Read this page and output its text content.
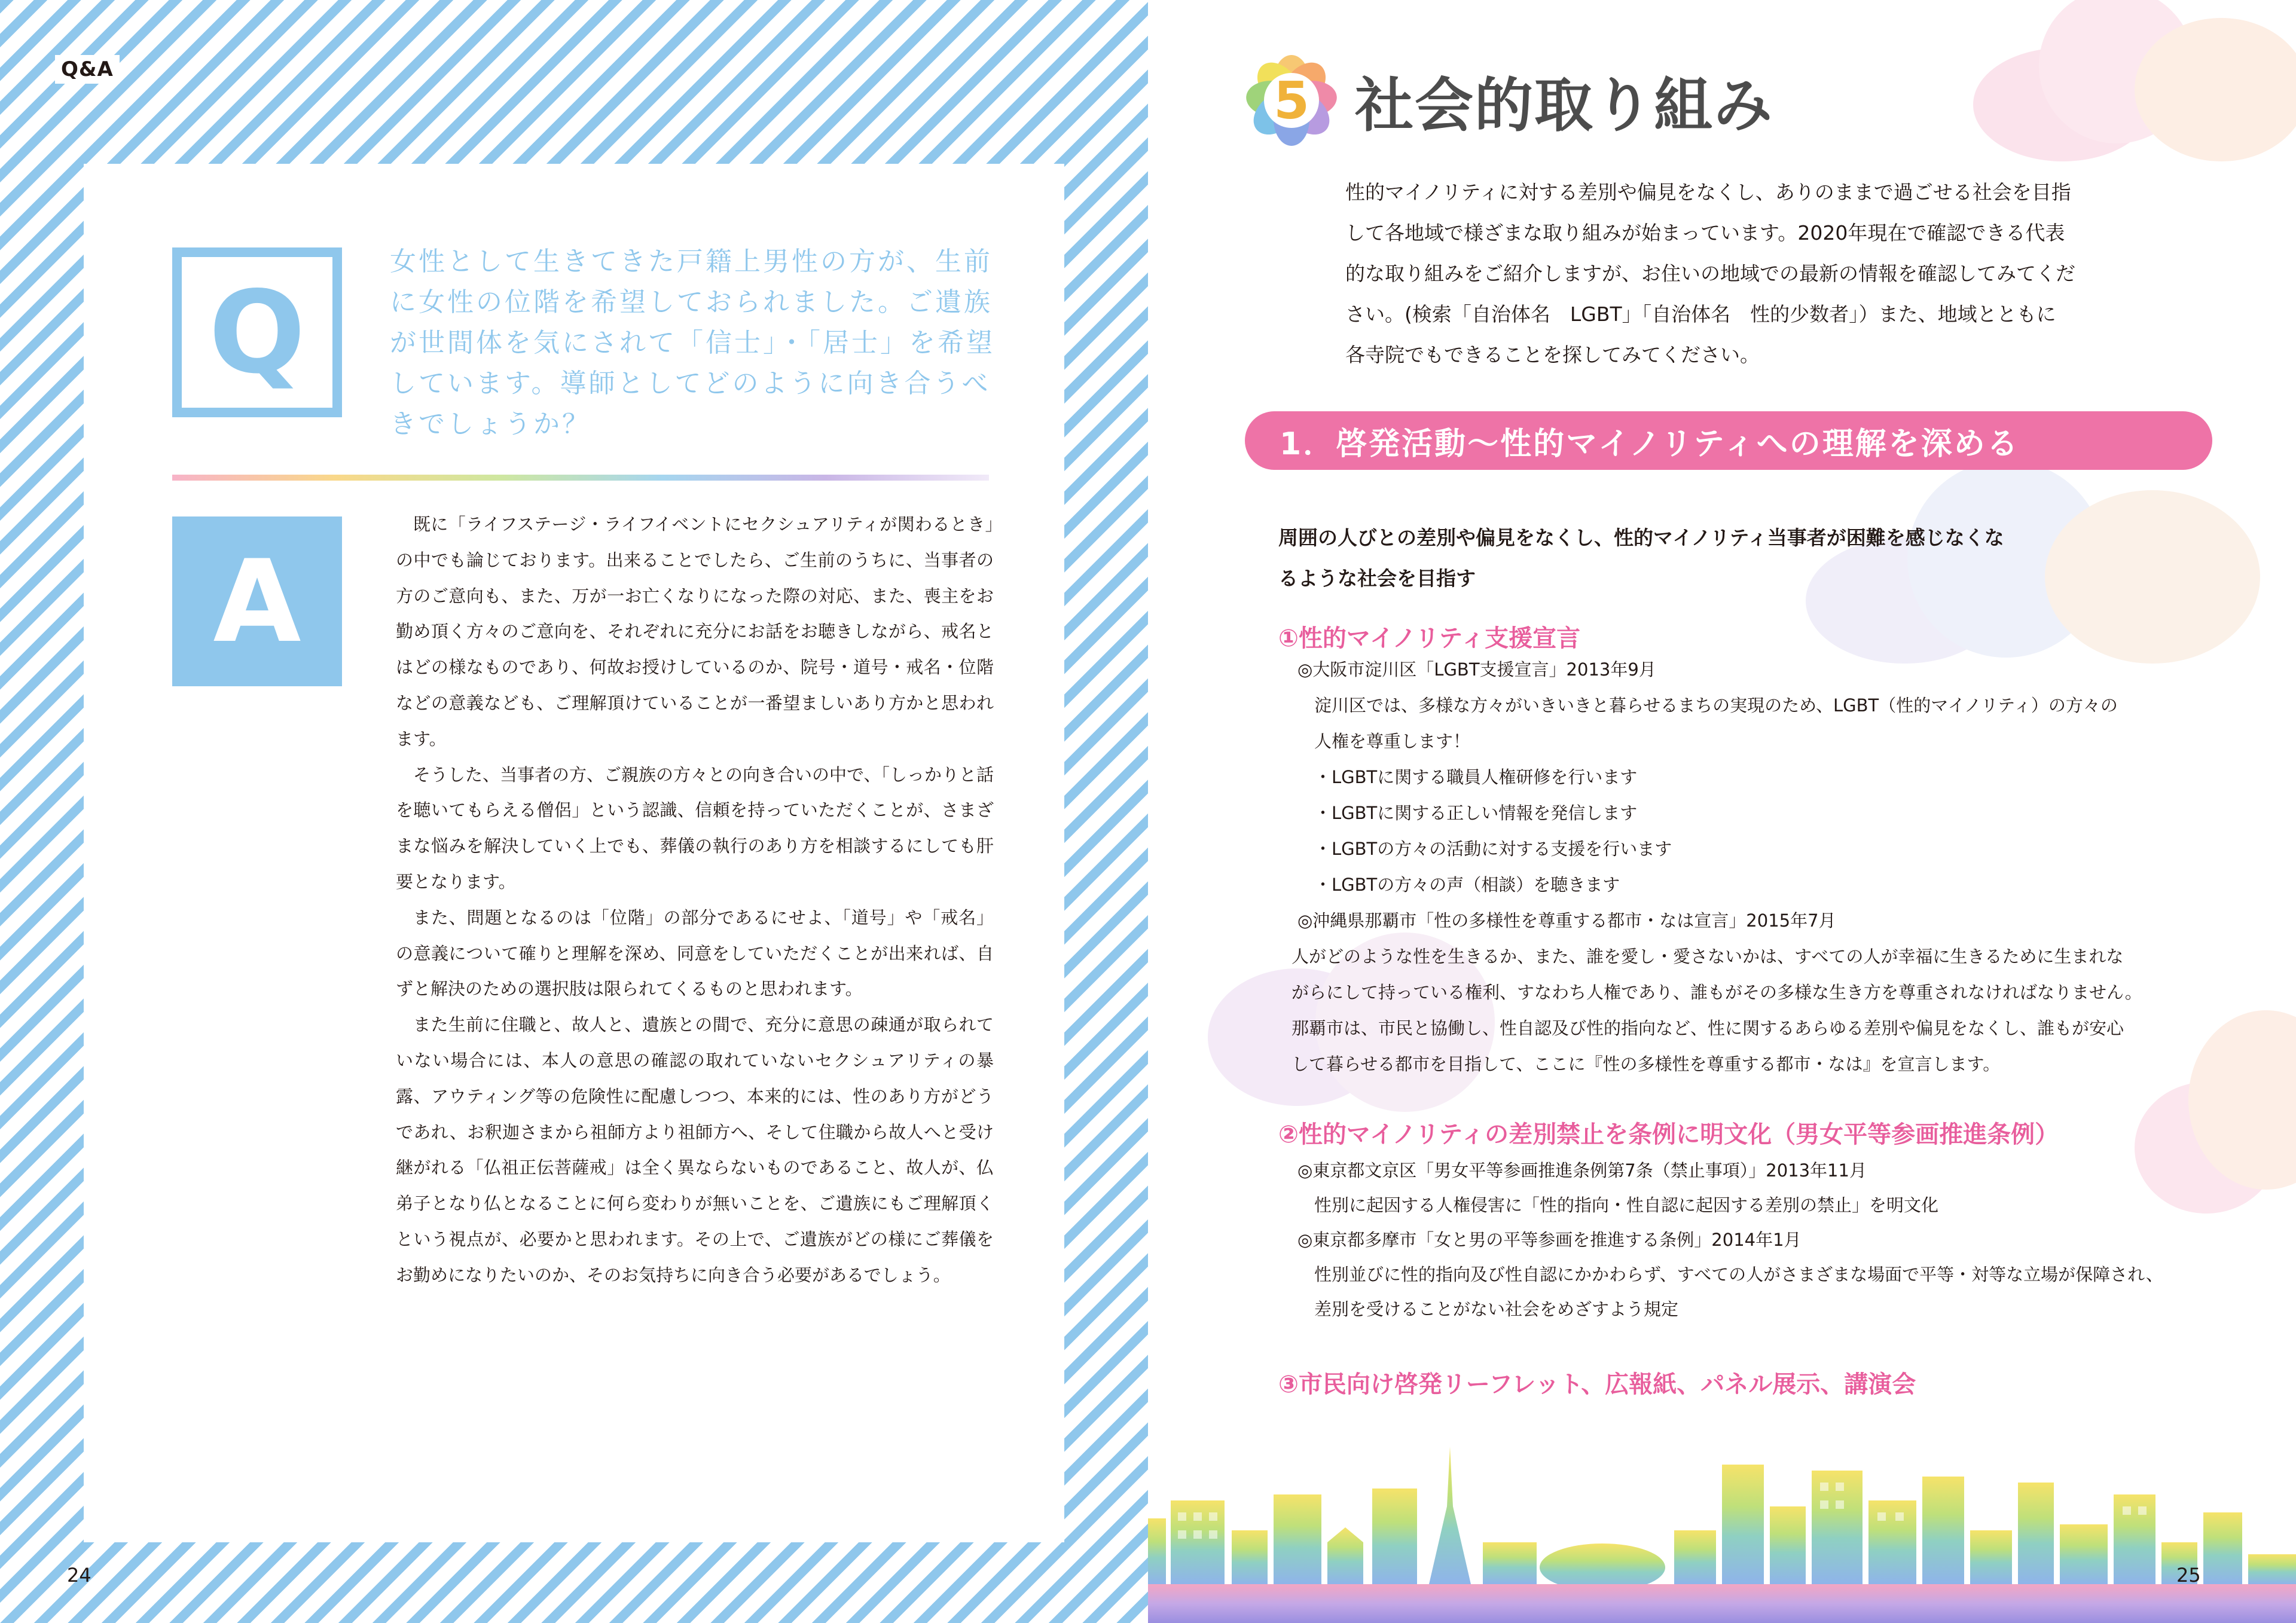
Q&A
Q
女性として生きてきた戸籍上男性の方が、生前
に女性の位階を希望しておられました。ご遺族
が世間体を気にされて「信士」・「居士」を希望
しています。導師としてどのように向き合うべ
きでしょうか？
A

既に「ライフステージ・ライフイベントにセクシュアリティが関わるとき」の中でも論じております。出来ることでしたら、ご生前のうちに、当事者の方のご意向も、また、万が一お亡くなりになった際の対応、また、喪主をお勤め頂く方々のご意向を、それぞれに充分にお話をお聴きしながら、戒名とはどの様なものであり、何故お授けしているのか、院号・道号・戒名・位階などの意義なども、ご理解頂けていることが一番望ましいあり方かと思われます。

そうした、当事者の方、ご親族の方々との向き合いの中で、「しっかりと話を聴いてもらえる僧侶」という認識、信頼を持っていただくことが、さまざまな悩みを解決していく上でも、葬儀の執行のあり方を相談するにしても肝要となります。

また、問題となるのは「位階」の部分であるにせよ、「道号」や「戒名」の意義について確りと理解を深め、同意をしていただくことが出来れば、自ずと解決のための選択肢は限られてくるものと思われます。

また生前に住職と、故人と、遺族との間で、充分に意思の疎通が取られていない場合には、本人の意思の確認の取れていないセクシュアリティの暴露、アウティング等の危険性に配慮しつつ、本来的には、性のあり方がどうであれ、お釈迦さまから祖師方より祖師方へ、そして住職から故人へと受け継がれる「仏祖正伝菩薩戒」は全く異ならないものであること、故人が、仏弟子となり仏となることに何ら変わりが無いことを、ご遺族にもご理解頂くという視点が、必要かと思われます。その上で、ご遺族がどの様にご葬儀をお勤めになりたいのか、そのお気持ちに向き合う必要があるでしょう。

24
5 社会的取り組み
性的マイノリティに対する差別や偏見をなくし、ありのままで過ごせる社会を目指
して各地域で様ざまな取り組みが始まっています。2020年現在で確認できる代表
的な取り組みをご紹介しますが、お住いの地域での最新の情報を確認してみてくだ
さい。(検索「自治体名　LGBT」「自治体名　性的少数者」）また、地域とともに
各寺院でもできることを探してみてください。
1．啓発活動～性的マイノリティへの理解を深める
周囲の人びとの差別や偏見をなくし、性的マイノリティ当事者が困難を感じなくな
るような社会を目指す
①性的マイノリティ支援宣言
◎大阪市淀川区「LGBT支援宣言」2013年9月
淀川区では、多様な方々がいきいきと暮らせるまちの実現のため、LGBT（性的マイノリティ）の方々の
人権を尊重します！
・LGBTに関する職員人権研修を行います
・LGBTに関する正しい情報を発信します
・LGBTの方々の活動に対する支援を行います
・LGBTの方々の声（相談）を聴きます
◎沖縄県那覇市「性の多様性を尊重する都市・なは宣言」2015年7月
人がどのような性を生きるか、また、誰を愛し・愛さないかは、すべての人が幸福に生きるために生まれな
がらにして持っている権利、すなわち人権であり、誰もがその多様な生き方を尊重されなければなりません。
那覇市は、市民と協働し、性自認及び性的指向など、性に関するあらゆる差別や偏見をなくし、誰もが安心
して暮らせる都市を目指して、ここに『性の多様性を尊重する都市・なは』を宣言します。
②性的マイノリティの差別禁止を条例に明文化（男女平等参画推進条例）
◎東京都文京区「男女平等参画推進条例第7条（禁止事項）」2013年11月
性別に起因する人権侵害に「性的指向・性自認に起因する差別の禁止」を明文化
◎東京都多摩市「女と男の平等参画を推進する条例」2014年1月
性別並びに性的指向及び性自認にかかわらず、すべての人がさまざまな場面で平等・対等な立場が保障され、
差別を受けることがない社会をめざすよう規定
③市民向け啓発リーフレット、広報紙、パネル展示、講演会
25
